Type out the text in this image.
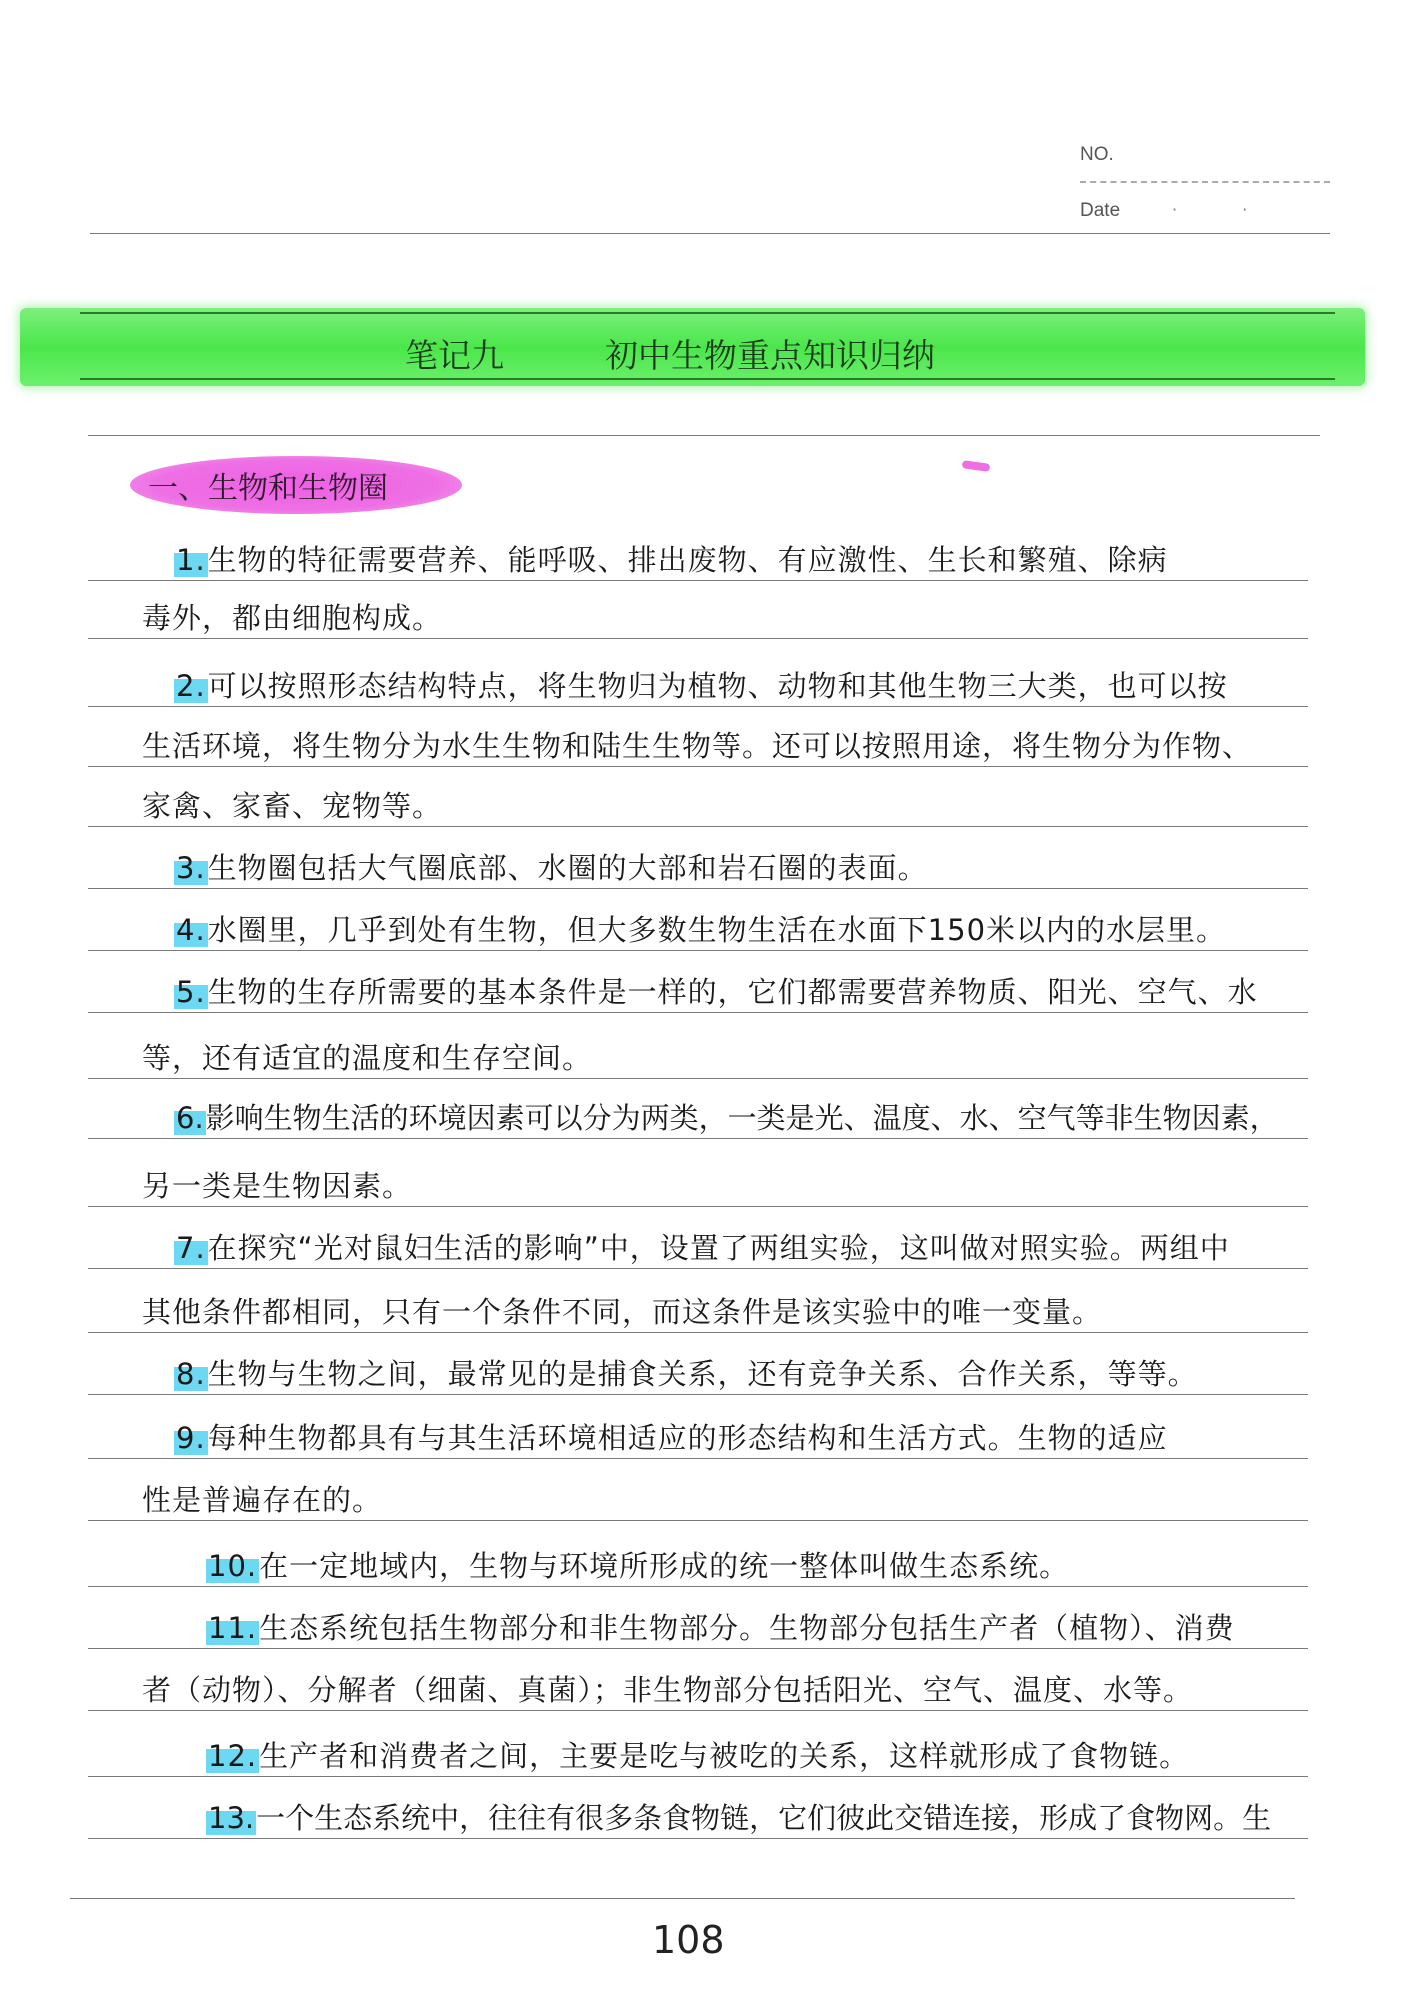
NO.
Date	· ·
笔记九	初中生物重点知识归纳
一、生物和生物圈
1.生物的特征需要营养、能呼吸、排出废物、有应激性、生长和繁殖、除病
毒外，都由细胞构成。
2.可以按照形态结构特点，将生物归为植物、动物和其他生物三大类，也可以按
生活环境，将生物分为水生生物和陆生生物等。还可以按照用途，将生物分为作物、
家禽、家畜、宠物等。
3.生物圈包括大气圈底部、水圈的大部和岩石圈的表面。
4.水圈里，几乎到处有生物，但大多数生物生活在水面下150米以内的水层里。
5.生物的生存所需要的基本条件是一样的，它们都需要营养物质、阳光、空气、水
等，还有适宜的温度和生存空间。
6.影响生物生活的环境因素可以分为两类，一类是光、温度、水、空气等非生物因素，
另一类是生物因素。
7.在探究“光对鼠妇生活的影响”中，设置了两组实验，这叫做对照实验。两组中
其他条件都相同，只有一个条件不同，而这条件是该实验中的唯一变量。
8.生物与生物之间，最常见的是捕食关系，还有竞争关系、合作关系，等等。
9.每种生物都具有与其生活环境相适应的形态结构和生活方式。生物的适应
性是普遍存在的。
10.在一定地域内，生物与环境所形成的统一整体叫做生态系统。
11.生态系统包括生物部分和非生物部分。生物部分包括生产者（植物）、消费
者（动物）、分解者（细菌、真菌）；非生物部分包括阳光、空气、温度、水等。
12.生产者和消费者之间，主要是吃与被吃的关系，这样就形成了食物链。
13.一个生态系统中，往往有很多条食物链，它们彼此交错连接，形成了食物网。生
108
